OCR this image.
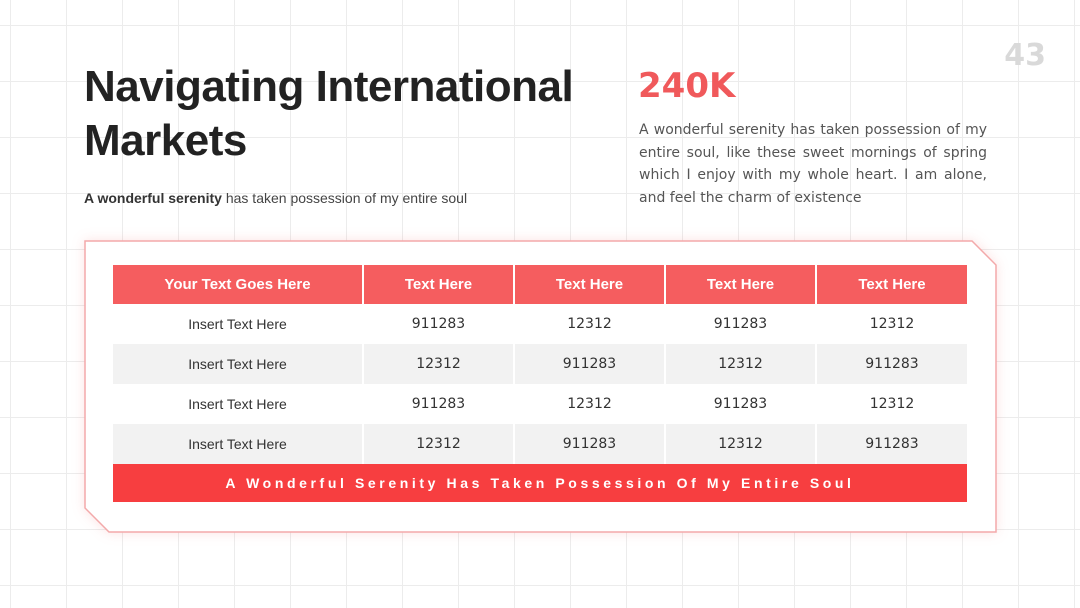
43
Navigating International Markets
A wonderful serenity has taken possession of my entire soul
240K
A wonderful serenity has taken possession of my entire soul, like these sweet mornings of spring which I enjoy with my whole heart. I am alone, and feel the charm of existence
Your Text Goes Here	Text Here	Text Here	Text Here	Text Here
Insert Text Here	911283	12312	911283	12312
Insert Text Here	12312	911283	12312	911283
Insert Text Here	911283	12312	911283	12312
Insert Text Here	12312	911283	12312	911283
A Wonderful Serenity Has Taken Possession Of My Entire Soul				
